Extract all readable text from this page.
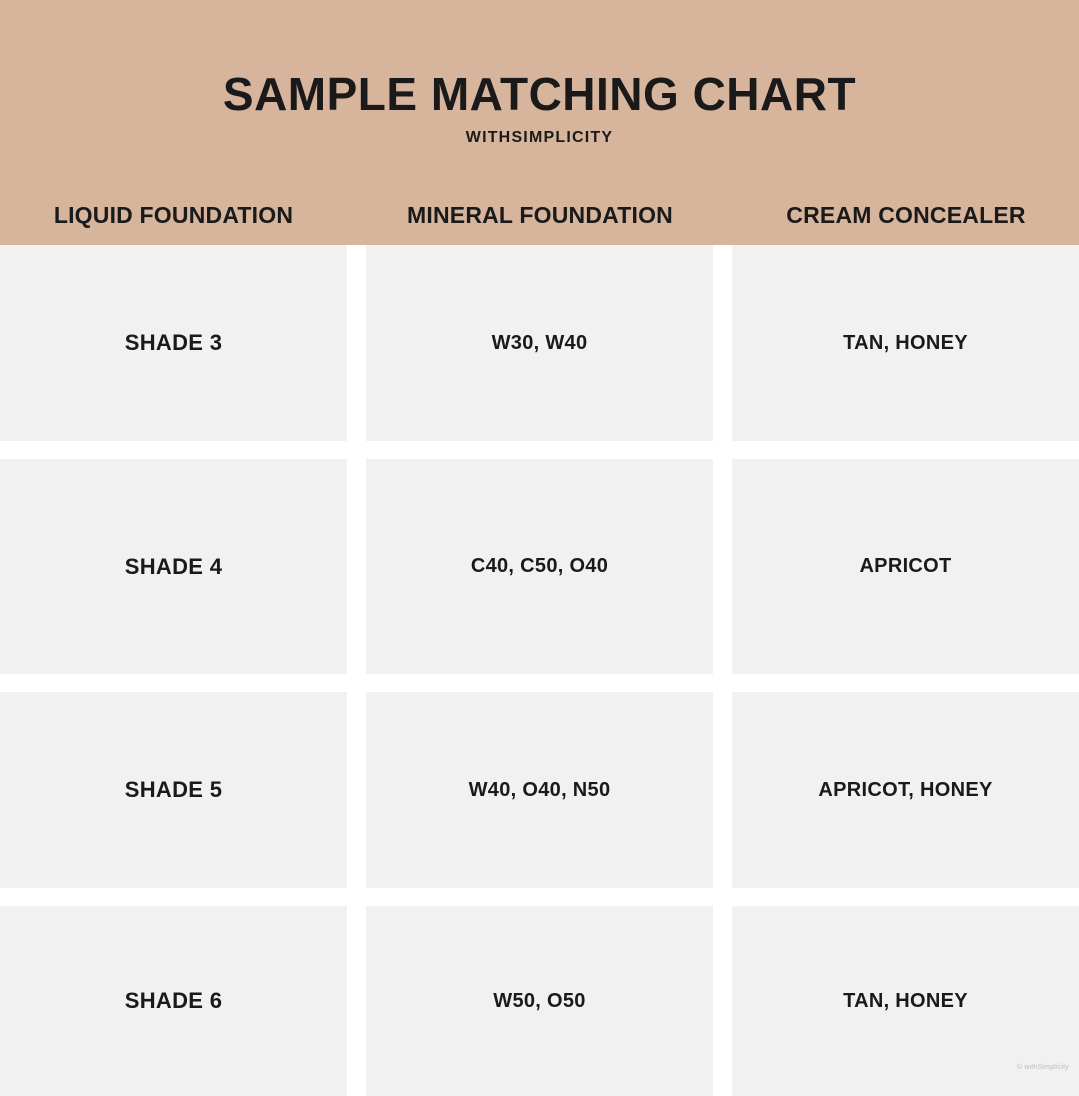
SAMPLE MATCHING CHART
WITHSIMPLICITY
LIQUID FOUNDATION	MINERAL FOUNDATION	CREAM CONCEALER
SHADE 3	W30, W40	TAN, HONEY
SHADE 4	C40, C50, O40	APRICOT
SHADE 5	W40, O40, N50	APRICOT, HONEY
SHADE 6	W50, O50	TAN, HONEY
© withSimplicity
